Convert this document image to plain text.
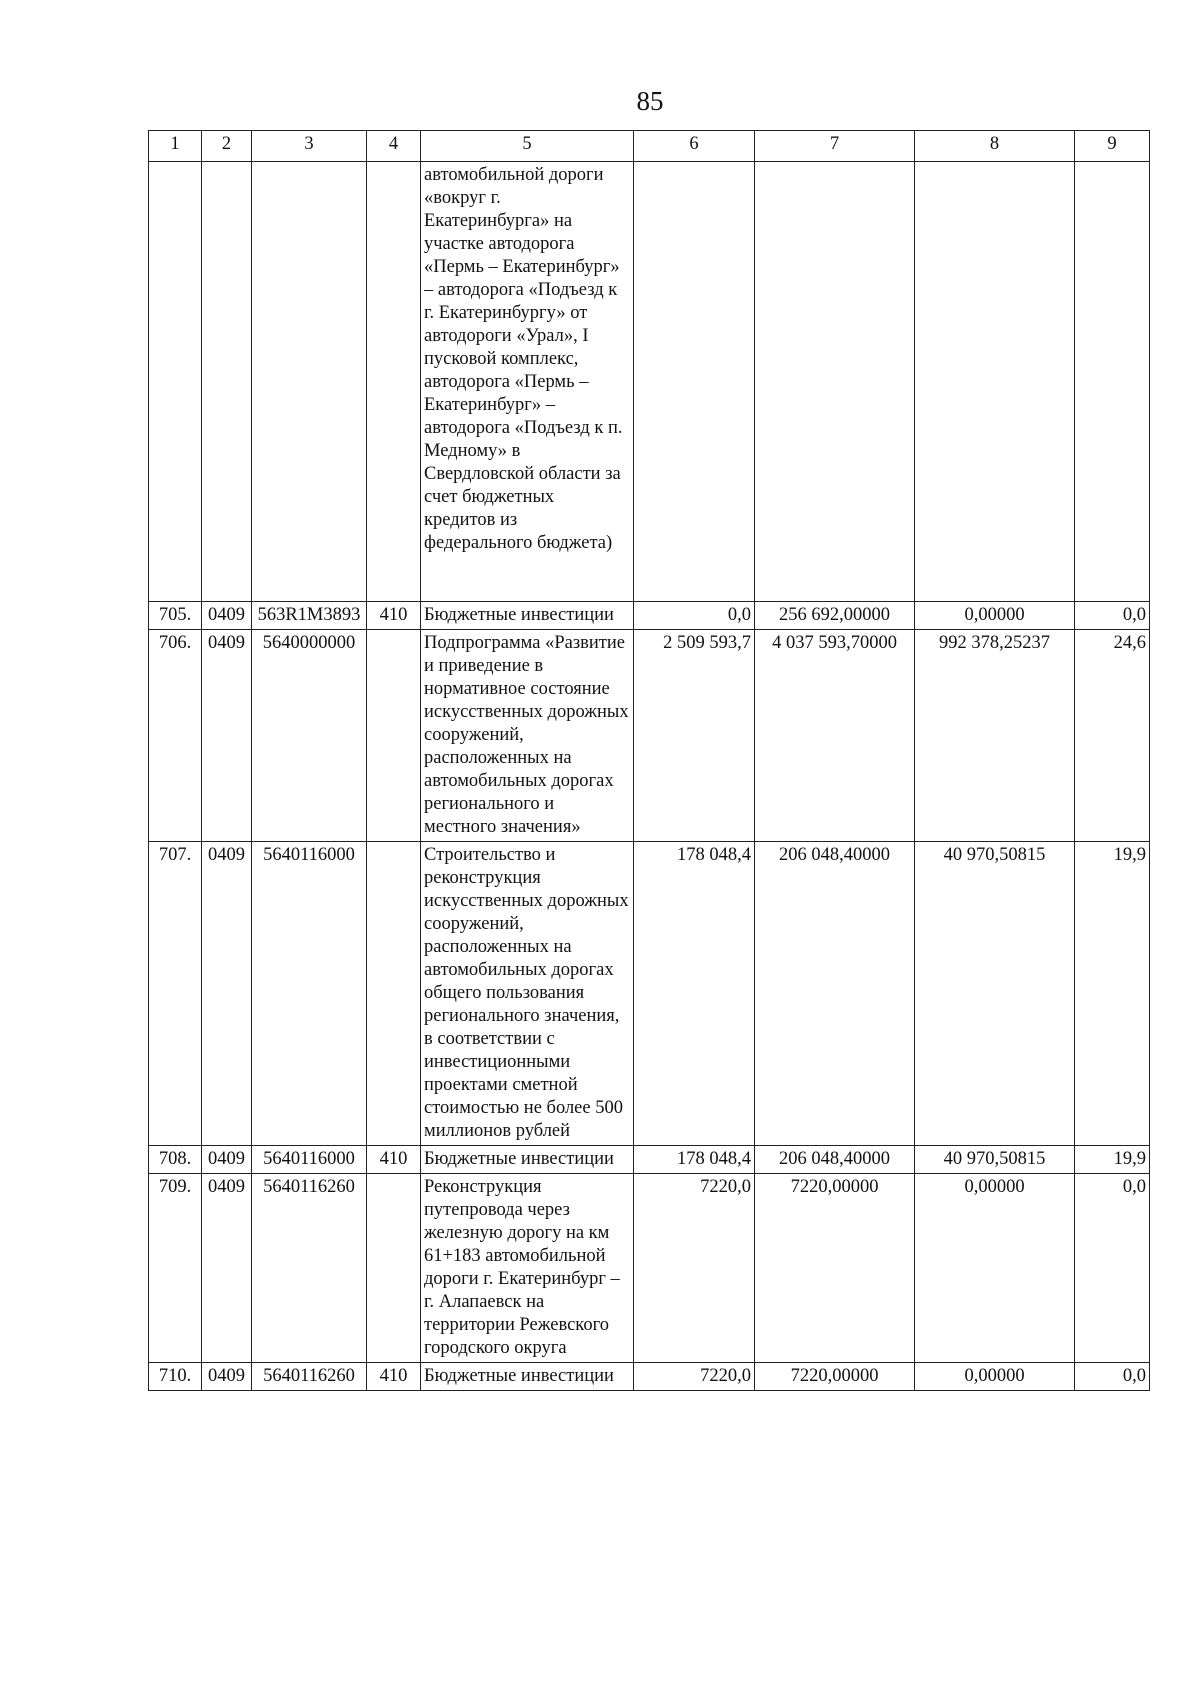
85
1	2	3	4	5	6	7	8	9
				автомобильной дороги «вокруг г. Екатеринбурга» на участке автодорога «Пермь – Екатеринбург» – автодорога «Подъезд к г. Екатеринбургу» от автодороги «Урал», I пусковой комплекс, автодорога «Пермь – Екатеринбург» – автодорога «Подъезд к п. Медному» в Свердловской области за счет бюджетных кредитов из федерального бюджета)				
705.	0409	563R1M3893	410	Бюджетные инвестиции	0,0	256 692,00000	0,00000	0,0
706.	0409	5640000000		Подпрограмма «Развитие и приведение в нормативное состояние искусственных дорожных сооружений, расположенных на автомобильных дорогах регионального и местного значения»	2 509 593,7	4 037 593,70000	992 378,25237	24,6
707.	0409	5640116000		Строительство и реконструкция искусственных дорожных сооружений, расположенных на автомобильных дорогах общего пользования регионального значения, в соответствии с инвестиционными проектами сметной стоимостью не более 500 миллионов рублей	178 048,4	206 048,40000	40 970,50815	19,9
708.	0409	5640116000	410	Бюджетные инвестиции	178 048,4	206 048,40000	40 970,50815	19,9
709.	0409	5640116260		Реконструкция путепровода через железную дорогу на км 61+183 автомобильной дороги г. Екатеринбург – г. Алапаевск на территории Режевского городского округа	7220,0	7220,00000	0,00000	0,0
710.	0409	5640116260	410	Бюджетные инвестиции	7220,0	7220,00000	0,00000	0,0
